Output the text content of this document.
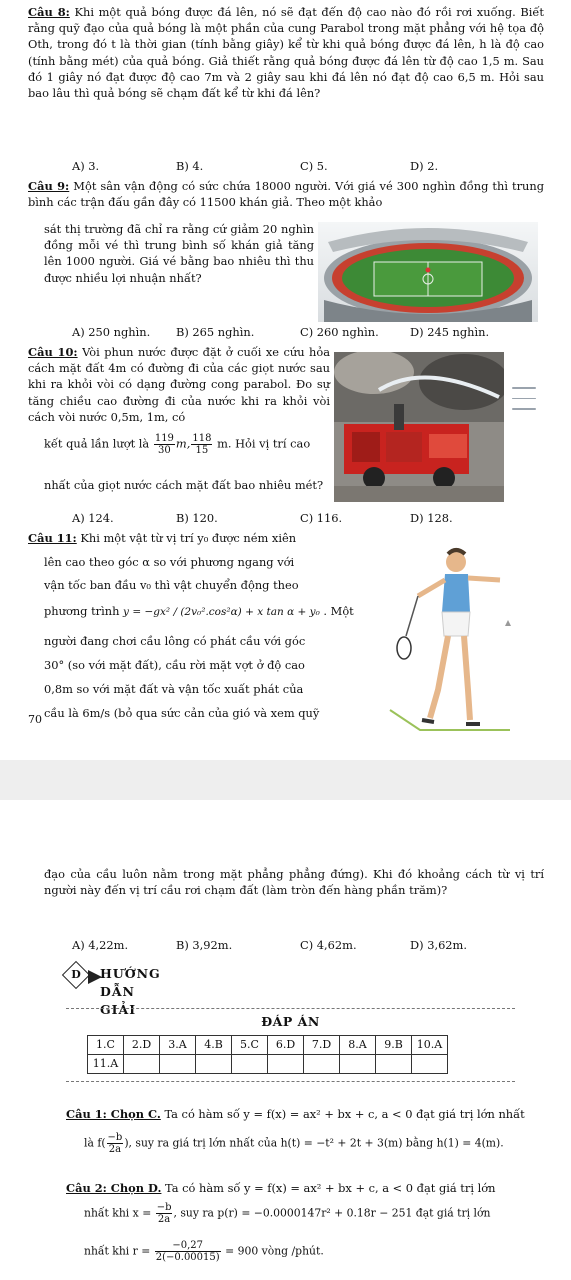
Câu 8: Khi một quả bóng được đá lên, nó sẽ đạt đến độ cao nào đó rồi rơi xuống. Biết rằng quỹ đạo của quả bóng là một phần của cung Parabol trong mặt phẳng với hệ tọa độ Oth, trong đó t là thời gian (tính bằng giây) kể từ khi quả bóng được đá lên, h là độ cao (tính bằng mét) của quả bóng. Giả thiết rằng quả bóng được đá lên từ độ cao 1,5 m. Sau đó 1 giây nó đạt được độ cao 7m và 2 giây sau khi đá lên nó đạt độ cao 6,5 m. Hỏi sau bao lâu thì quả bóng sẽ chạm đất kể từ khi đá lên?
A) 3.	B) 4.	C) 5.	D) 2.
Câu 9: Một sân vận động có sức chứa 18000 người. Với giá vé 300 nghìn đồng thì trung bình các trận đấu gần đây có 11500 khán giả. Theo một khảo
sát thị trường đã chỉ ra rằng cứ giảm 20 nghìn đồng mỗi vé thì trung bình số khán giả tăng lên 1000 người. Giá vé bằng bao nhiêu thì thu được nhiều lợi nhuận nhất?
A) 250 nghìn. B) 265 nghìn.	C) 260 nghìn.	D) 245 nghìn.
Câu 10: Vòi phun nước được đặt ở cuối xe cứu hỏa cách mặt đất 4m có đường đi của các giọt nước sau khi ra khỏi vòi có dạng đường cong parabol. Đo sự tăng chiều cao đường đi của nước khi ra khỏi vòi cách vòi nước 0,5m, 1m, có
kết quả lần lượt là $\frac{119}{30} m$, $\frac{118}{15} m$. Hỏi vị trí cao
nhất của giọt nước cách mặt đất bao nhiêu mét?
A) 124.	B) 120.	C) 116.	D) 128.
Câu 11: Khi một vật từ vị trí y₀ được ném xiên
lên cao theo góc α so với phương ngang với
vận tốc ban đầu v₀ thì vật chuyển động theo
phương trình y = −gx² / (2v₀².cos²α) + x tan α + y₀ . Một
người đang chơi cầu lông có phát cầu với góc
30° (so với mặt đất), cầu rời mặt vợt ở độ cao
0,8m so với mặt đất và vận tốc xuất phát của
cầu là 6m/s (bỏ qua sức cản của gió và xem quỹ
70
đạo của cầu luôn nằm trong mặt phẳng phẳng đứng). Khi đó khoảng cách từ vị trí người này đến vị trí cầu rơi chạm đất (làm tròn đến hàng phần trăm)?
A) 4,22m.	B) 3,92m.	C) 4,62m.	D) 3,62m.
D	HƯỚNG DẪN GIẢI
ĐÁP ÁN
1.C	2.D	3.A	4.B	5.C	6.D	7.D	8.A	9.B	10.A
11.A									
Câu 1: Chọn C. Ta có hàm số y = f(x) = ax² + bx + c, a < 0 đạt giá trị lớn nhất
là $f( \frac{-b}{2a}$ ), suy ra giá trị lớn nhất của h(t) = −t² + 2t + 3(m) bằng h(1) = 4(m).
Câu 2: Chọn D. Ta có hàm số y = f(x) = ax² + bx + c, a < 0 đạt giá trị lớn
nhất khi $x = \frac{-b}{2a}$ , suy ra p(r) = −0.0000147r² + 0.18r − 251 đạt giá trị lớn
nhất khi $r = \frac{-0,27}{2(-0.00015)} = 900$ vòng /phút.
